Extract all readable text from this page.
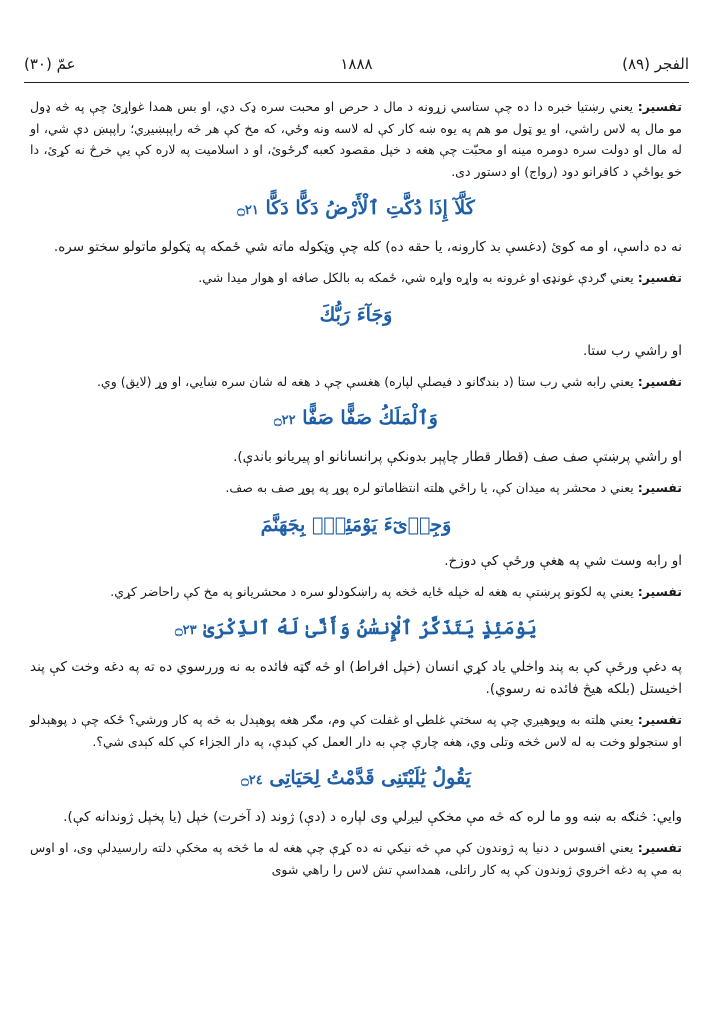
الفجر (٨٩)
١٨٨٨
عمّ (٣٠)

تفسير: يعني رښتيا خبره دا ده چې ستاسي زړونه د مال د حرص او محبت سره ډک دي، او بس همدا غواړئ چې په څه ډول مو مال په لاس راشي، او يو ټول مو هم په يوه ښه کار کې له لاسه ونه وځي، که مخ کې هر څه راپېښيږي؛ راپېښ دې شي، او له مال او دولت سره دومره مينه او محبّت چې هغه د خپل مقصود کعبه ګرځوئ، او د اسلاميت په لاره کې يې خرڅ نه کړئ، دا خو يواځې د کافرانو دود (رواج) او دستور دی.

كَلَّآ إِذَا دُكَّتِ ٱلْأَرْضُ دَكًّا دَكًّا ۝٢١

نه ده داسې، او مه کوئ (دغسې بد کارونه، يا حقه ده) کله چې وټکوله ماته شي ځمکه په ټکولو ماتولو سختو سره.

تفسير: يعني ګردې غونډۍ او غرونه به واړه واړه شي، ځمکه به بالکل صافه او هوار ميدا شي.

وَجَآءَ رَبُّكَ

او راشي رب ستا.

تفسير: يعني رابه شي رب ستا (د بندګانو د فيصلې لپاره) هغسې چې د هغه له شان سره ښايي، او وړ (لايق) وي.

وَٱلْمَلَكُ صَفًّا صَفًّا ۝٢٢

او راشي پرښتې صف صف (قطار قطار چاپېر بدونکې پرانسانانو او پيريانو باندې).

تفسير: يعني د محشر په ميدان کې، يا راځي هلته انتظاماتو لره پوړ په پوړ صف به صف.

وَجِا۟ىٓءَ يَوْمَئِذٍۭ بِجَهَنَّمَ

او رابه وست شي په هغې ورځې کې دوزخ.

تفسير: يعني په لکونو پرښتې به هغه له خپله ځايه څخه په راښکودلو سره د محشريانو په مخ کې راحاضر کړي.

يَوْمَئِذٍ يَتَذَكَّرُ ٱلْإِنسَٰنُ وَأَنَّىٰ لَهُ ٱلذِّكْرَىٰ ۝٢٣

په دغې ورځې کې به پند واخلي ياد کړي انسان (خپل افراط) او څه ګټه فائده به نه وررسوي ده ته په دغه وخت کې پند اخيستل (بلکه هيڅ فائده نه رسوي).

تفسير: يعني هلته به وپوهيږي چې په سختې غلطۍ او غفلت کې وم، مګر هغه پوهېدل به څه په کار ورشي؟ ځکه چې د پوهېدلو او سنجولو وخت به له لاس څخه وتلی وي، هغه چارې چې به دار العمل کې کېدې، په دار الجزاء کې کله کېدی شي؟.

يَقُولُ يَٰلَيْتَنِى قَدَّمْتُ لِحَيَاتِى ۝٢٤

وايي: څنګه به ښه وو ما لره که څه مې مخکې ليږلي وی لپاره د (دې) ژوند (د آخرت) خپل (يا پخپل ژوندانه کې).

تفسير: يعني افسوس د دنيا په ژوندون کې مې څه نيکي نه ده کړې چې هغه له ما څخه په مخکې دلته رارسيدلې وی، او اوس به مې په دغه اخروي ژوندون کې په کار راتلی، همداسې تش لاس را راهي شوی
